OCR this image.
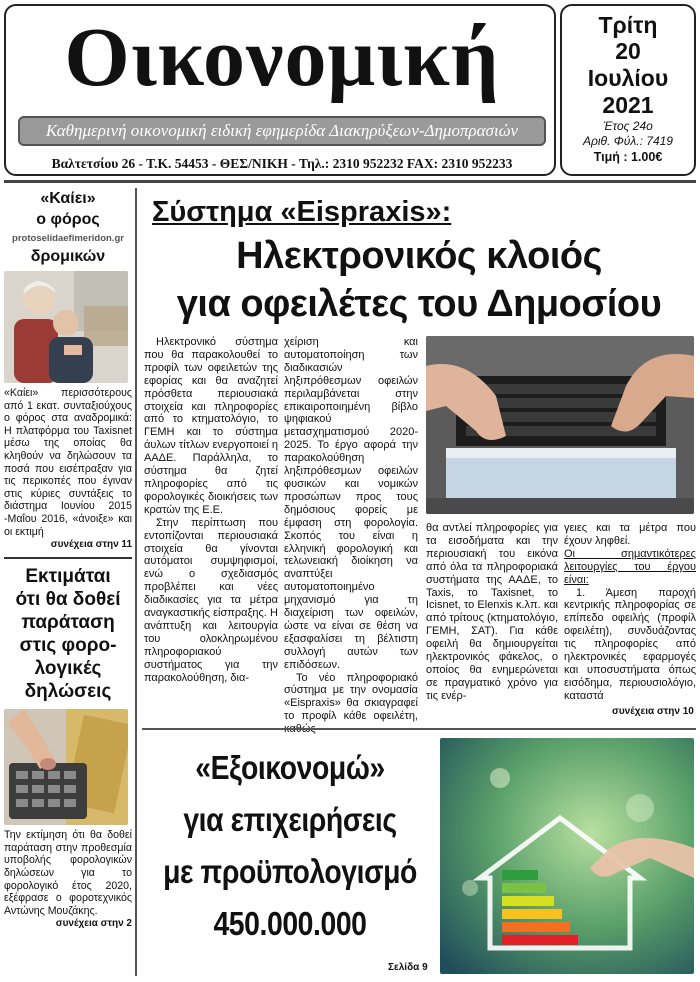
Οικονομική
Καθημερινή οικονομική ειδική εφημερίδα Διακηρύξεων-Δημοπρασιών
Βαλτετσίου 26 - Τ.Κ. 54453 - ΘΕΣ/ΝΙΚΗ - Τηλ.: 2310 952232 FAX: 2310 952233
Τρίτη
20
Ιουλίου
2021
Έτος 24ο
Αριθ. Φύλ.: 7419
Τιμή : 1.00€
«Καίει»
ο φόρος
protoselidaefimeridon.gr
δρομικών
«Καίει» περισσότερους από 1 εκατ. συνταξιούχους ο φόρος στα αναδρομικά: Η πλατφόρμα του Taxisnet μέσω της οποίας θα κληθούν να δηλώσουν τα ποσά που εισέπραξαν για τις περικοπές που έγιναν στις κύριες συντάξεις το διάστημα Ιουνίου 2015 -Μαΐου 2016, «άνοιξε» και οι εκτιμή
συνέχεια στην 11
Εκτιμάται
ότι θα δοθεί
παράταση
στις φορο-
λογικές
δηλώσεις
Την εκτίμηση ότι θα δοθεί παράταση στην προθεσμία υποβολής φορολογικών δηλώσεων για το φορολογικό έτος 2020, εξέφρασε ο φοροτεχνικός Αντώνης Μουζάκης.
συνέχεια στην 2
Σύστημα «Eispraxis»:
Ηλεκτρονικός κλοιός
για οφειλέτες του Δημοσίου

Ηλεκτρονικό σύστημα που θα παρακολουθεί το προφίλ των οφειλετών της εφορίας και θα αναζητεί πρόσθετα περιουσιακά στοιχεία και πληροφορίες από το κτηματολόγιο, το ΓΕΜΗ και το σύστημα άυλων τίτλων ενεργοποιεί η ΑΑΔΕ. Παράλληλα, το σύστημα θα ζητεί πληροφορίες από τις φορολογικές διοικήσεις των κρατών της Ε.Ε.

Στην περίπτωση που εντοπίζονται περιουσιακά στοιχεία θα γίνονται αυτόματοι συμψηφισμοί, ενώ ο σχεδιασμός προβλέπει και νέες διαδικασίες για τα μέτρα αναγκαστικής είσπραξης. Η ανάπτυξη και λειτουργία του ολοκληρωμένου πληροφοριακού συστήματος για την παρακολούθηση, δια-

χείριση και αυτοματοποίηση των διαδικασιών ληξιπρόθεσμων οφειλών περιλαμβάνεται στην επικαιροποιημένη βίβλο ψηφιακού μετασχηματισμού 2020-2025. Το έργο αφορά την παρακολούθηση ληξιπρόθεσμων οφειλών φυσικών και νομικών προσώπων προς τους δημόσιους φορείς με έμφαση στη φορολογία. Σκοπός του είναι η ελληνική φορολογική και τελωνειακή διοίκηση να αναπτύξει αυτοματοποιημένο μηχανισμό για τη διαχείριση των οφειλών, ώστε να είναι σε θέση να εξασφαλίσει τη βέλτιστη συλλογή αυτών των επιδόσεων.

Το νέο πληροφοριακό σύστημα με την ονομασία «Eispraxis» θα σκιαγραφεί το προφίλ κάθε οφειλέτη,

θα αντλεί πληροφορίες για τα εισοδήματα και την περιουσιακή του εικόνα από όλα τα πληροφοριακά συστήματα της ΑΑΔΕ, το Taxis, το Taxisnet, το Icisnet, το Elenxis κ.λπ. και από τρίτους (κτηματολόγιο, ΓΕΜΗ, ΣΑΤ). Για κάθε οφειλή θα δημιουργείται ηλεκτρονικός φάκελος, ο οποίος θα ενημερώνεται σε πραγματικό χρόνο για τις ενέρ-

γειες και τα μέτρα που έχουν ληφθεί.

Οι σημαντικότερες λειτουργίες του έργου είναι:

1. Άμεση παροχή κεντρικής πληροφορίας σε επίπεδο οφειλής (προφίλ οφειλέτη), συνδυάζοντας τις πληροφορίες από ηλεκτρονικές εφαρμογές και υποσυστήματα όπως εισόδημα, περιουσιολόγιο, καταστά

συνέχεια στην 10
«Εξοικονομώ»
για επιχειρήσεις
με προϋπολογισμό
450.000.000
Σελίδα 9
